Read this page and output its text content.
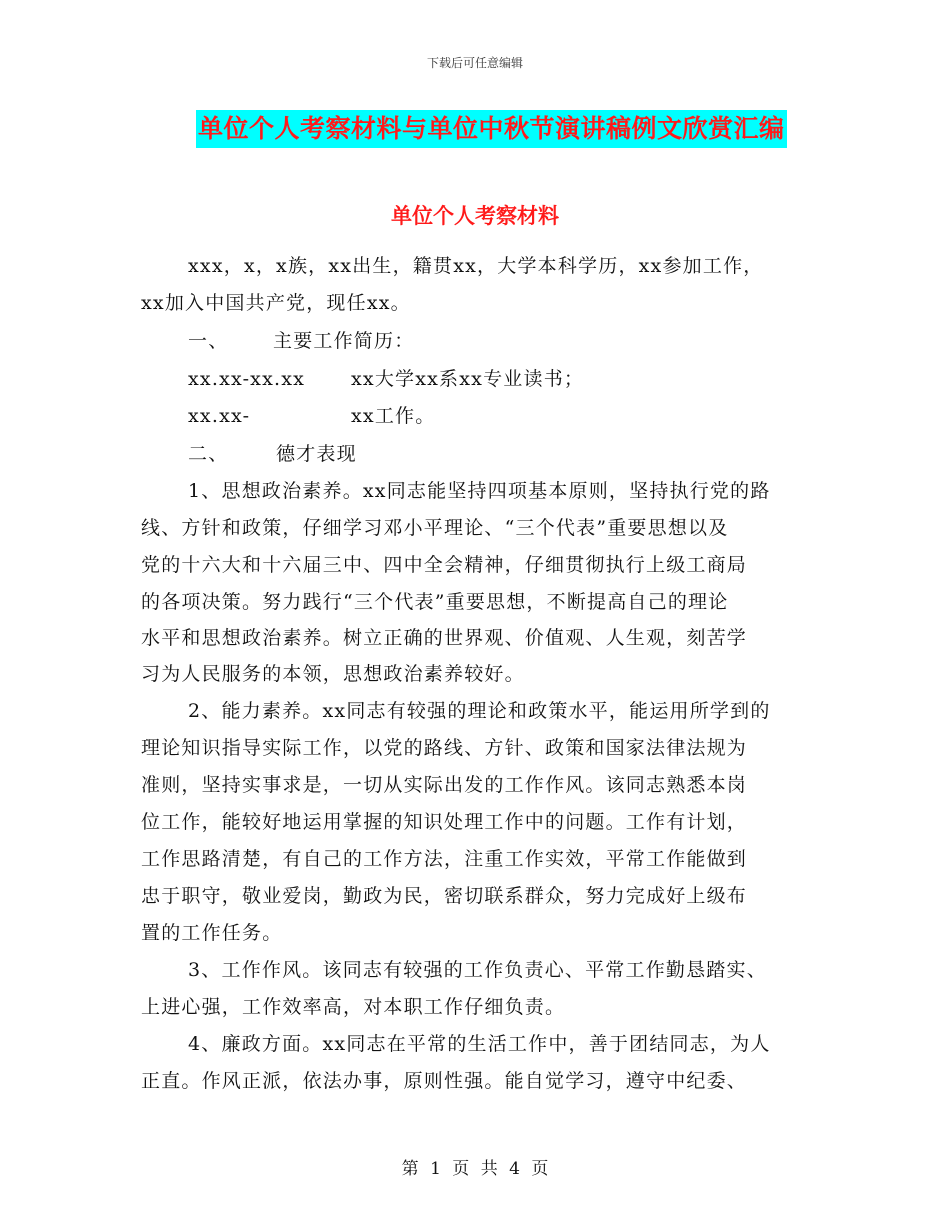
下载后可任意编辑
单位个人考察材料与单位中秋节演讲稿例文欣赏汇编
单位个人考察材料
xxx，x，x族，xx出生，籍贯xx，大学本科学历，xx参加工作，
xx加入中国共产党，现任xx。
一、 主要工作简历：
xx.xx-xx.xx xx大学xx系xx专业读书；
xx.xx-	xx工作。
二、	德才表现
1、思想政治素养。xx同志能坚持四项基本原则，坚持执行党的路
线、方针和政策，仔细学习邓小平理论、“三个代表”重要思想以及
党的十六大和十六届三中、四中全会精神，仔细贯彻执行上级工商局
的各项决策。努力践行“三个代表”重要思想，不断提高自己的理论
水平和思想政治素养。树立正确的世界观、价值观、人生观，刻苦学
习为人民服务的本领，思想政治素养较好。
2、能力素养。xx同志有较强的理论和政策水平，能运用所学到的
理论知识指导实际工作，以党的路线、方针、政策和国家法律法规为
准则，坚持实事求是，一切从实际出发的工作作风。该同志熟悉本岗
位工作，能较好地运用掌握的知识处理工作中的问题。工作有计划，
工作思路清楚，有自己的工作方法，注重工作实效，平常工作能做到
忠于职守，敬业爱岗，勤政为民，密切联系群众，努力完成好上级布
置的工作任务。
3、工作作风。该同志有较强的工作负责心、平常工作勤恳踏实、
上进心强，工作效率高，对本职工作仔细负责。
4、廉政方面。xx同志在平常的生活工作中，善于团结同志，为人
正直。作风正派，依法办事，原则性强。能自觉学习，遵守中纪委、
第 1 页 共 4 页
